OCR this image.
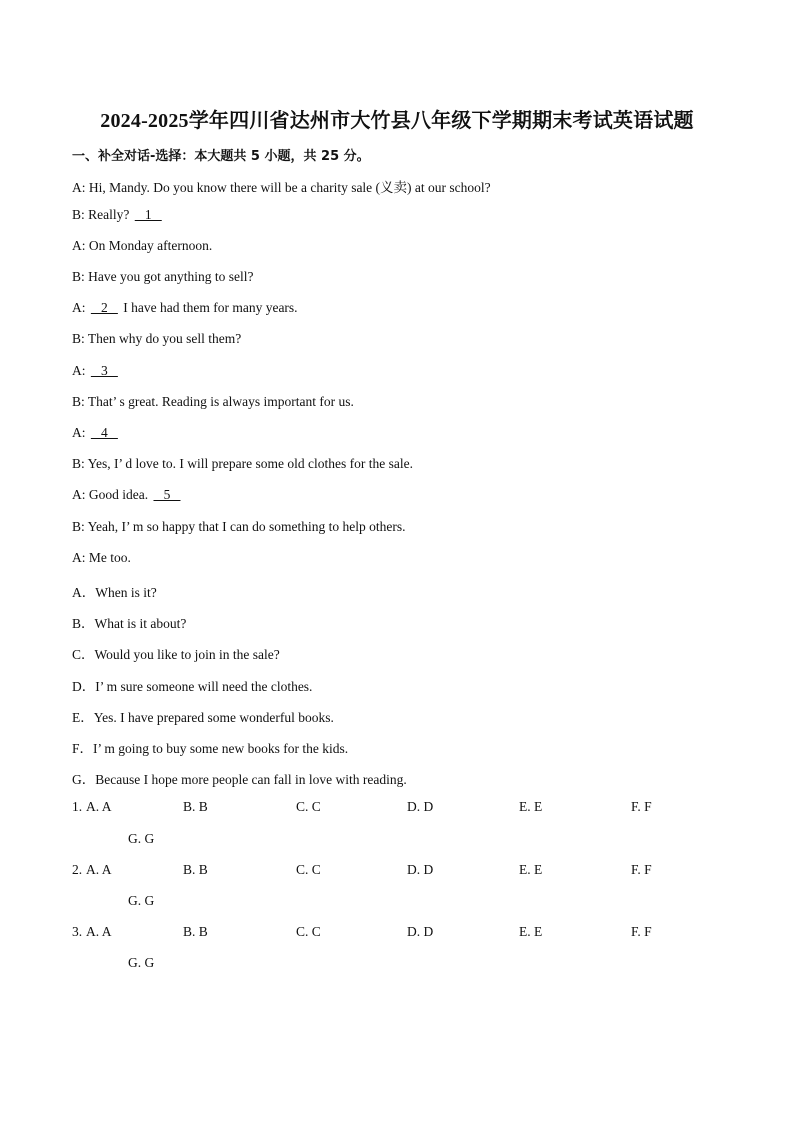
2024-2025学年四川省达州市大竹县八年级下学期期末考试英语试题
一、补全对话-选择：本大题共 5 小题，共 25 分。
A: Hi, Mandy. Do you know there will be a charity sale (义卖) at our school?
B: Really?    1
A: On Monday afternoon.
B: Have you got anything to sell?
A:    2    I have had them for many years.
B: Then why do you sell them?
A:    3
B: That’ s great. Reading is always important for us.
A:    4
B: Yes, I’ d love to. I will prepare some old clothes for the sale.
A: Good idea.    5
B: Yeah, I’ m so happy that I can do something to help others.
A: Me too.
A．When is it?
B．What is it about?
C．Would you like to join in the sale?
D．I’ m sure someone will need the clothes.
E．Yes. I have prepared some wonderful books.
F．I’ m going to buy some new books for the kids.
G．Because I hope more people can fall in love with reading.
1. A. A	B. B	C. C	D. D	E. E	F. F
G. G
2. A. A	B. B	C. C	D. D	E. E	F. F
G. G
3. A. A	B. B	C. C	D. D	E. E	F. F
G. G
